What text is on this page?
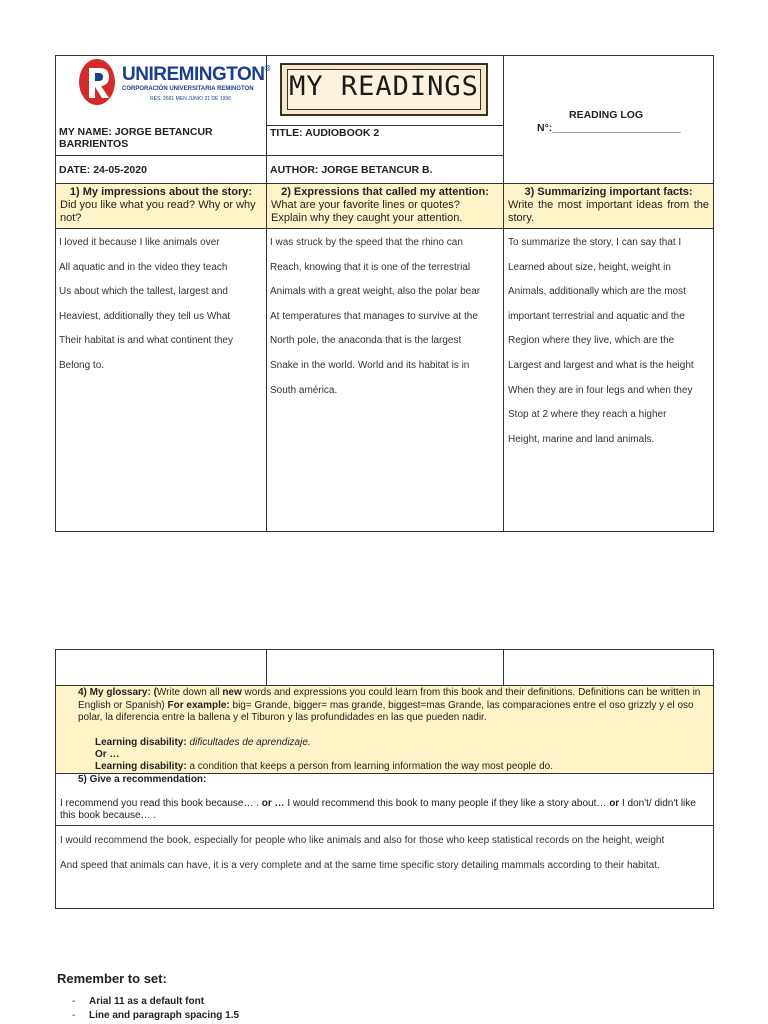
UNIREMINGTON®
CORPORACIÓN UNIVERSITARIA REMINGTON
RES. 2661 MEN JUNIO 21 DE 1996 MY READINGS
MY NAME: JORGE BETANCUR BARRIENTOS
TITLE: AUDIOBOOK 2
DATE: 24-05-2020	AUTHOR: JORGE BETANCUR B.
READING LOG
N°:______________________
1) My impressions about the story:
Did you like what you read? Why or why not?
2) Expressions that called my attention:
What are your favorite lines or quotes? Explain why they caught your attention.
3) Summarizing important facts:
Write the most important ideas from the story.
I loved it because I like animals over
All aquatic and in the video they teach
Us about which the tallest, largest and
Heaviest, additionally they tell us What
Their habitat is and what continent they
Belong to.
I was struck by the speed that the rhino can
Reach, knowing that it is one of the terrestrial
Animals with a great weight, also the polar bear
At temperatures that manages to survive at the
North pole, the anaconda that is the largest
Snake in the world. World and its habitat is in
South américa.
To summarize the story, I can say that I
Learned about size, height, weight in
Animals, additionally which are the most
important terrestrial and aquatic and the
Region where they live, which are the
Largest and largest and what is the height
When they are in four legs and when they
Stop at 2 where they reach a higher
Height, marine and land animals.
4) My glossary: (Write down all new words and expressions you could learn from this book and their definitions. Definitions can be written in English or Spanish) For example: big= Grande, bigger= mas grande, biggest=mas Grande, las comparaciones entre el oso grizzly y el oso polar, la diferencia entre la ballena y el Tiburon y las profundidades en las que pueden nadir.
Learning disability: dificultades de aprendizaje.
Or …
Learning disability: a condition that keeps a person from learning information the way most people do.
5) Give a recommendation:
I recommend you read this book because… . or … I would recommend this book to many people if they like a story about… or I don't/ didn't like this book because… .
I would recommend the book, especially for people who like animals and also for those who keep statistical records on the height, weight
And speed that animals can have, it is a very complete and at the same time specific story detailing mammals according to their habitat.
Remember to set:
- Arial 11 as a default font
- Line and paragraph spacing 1.5
